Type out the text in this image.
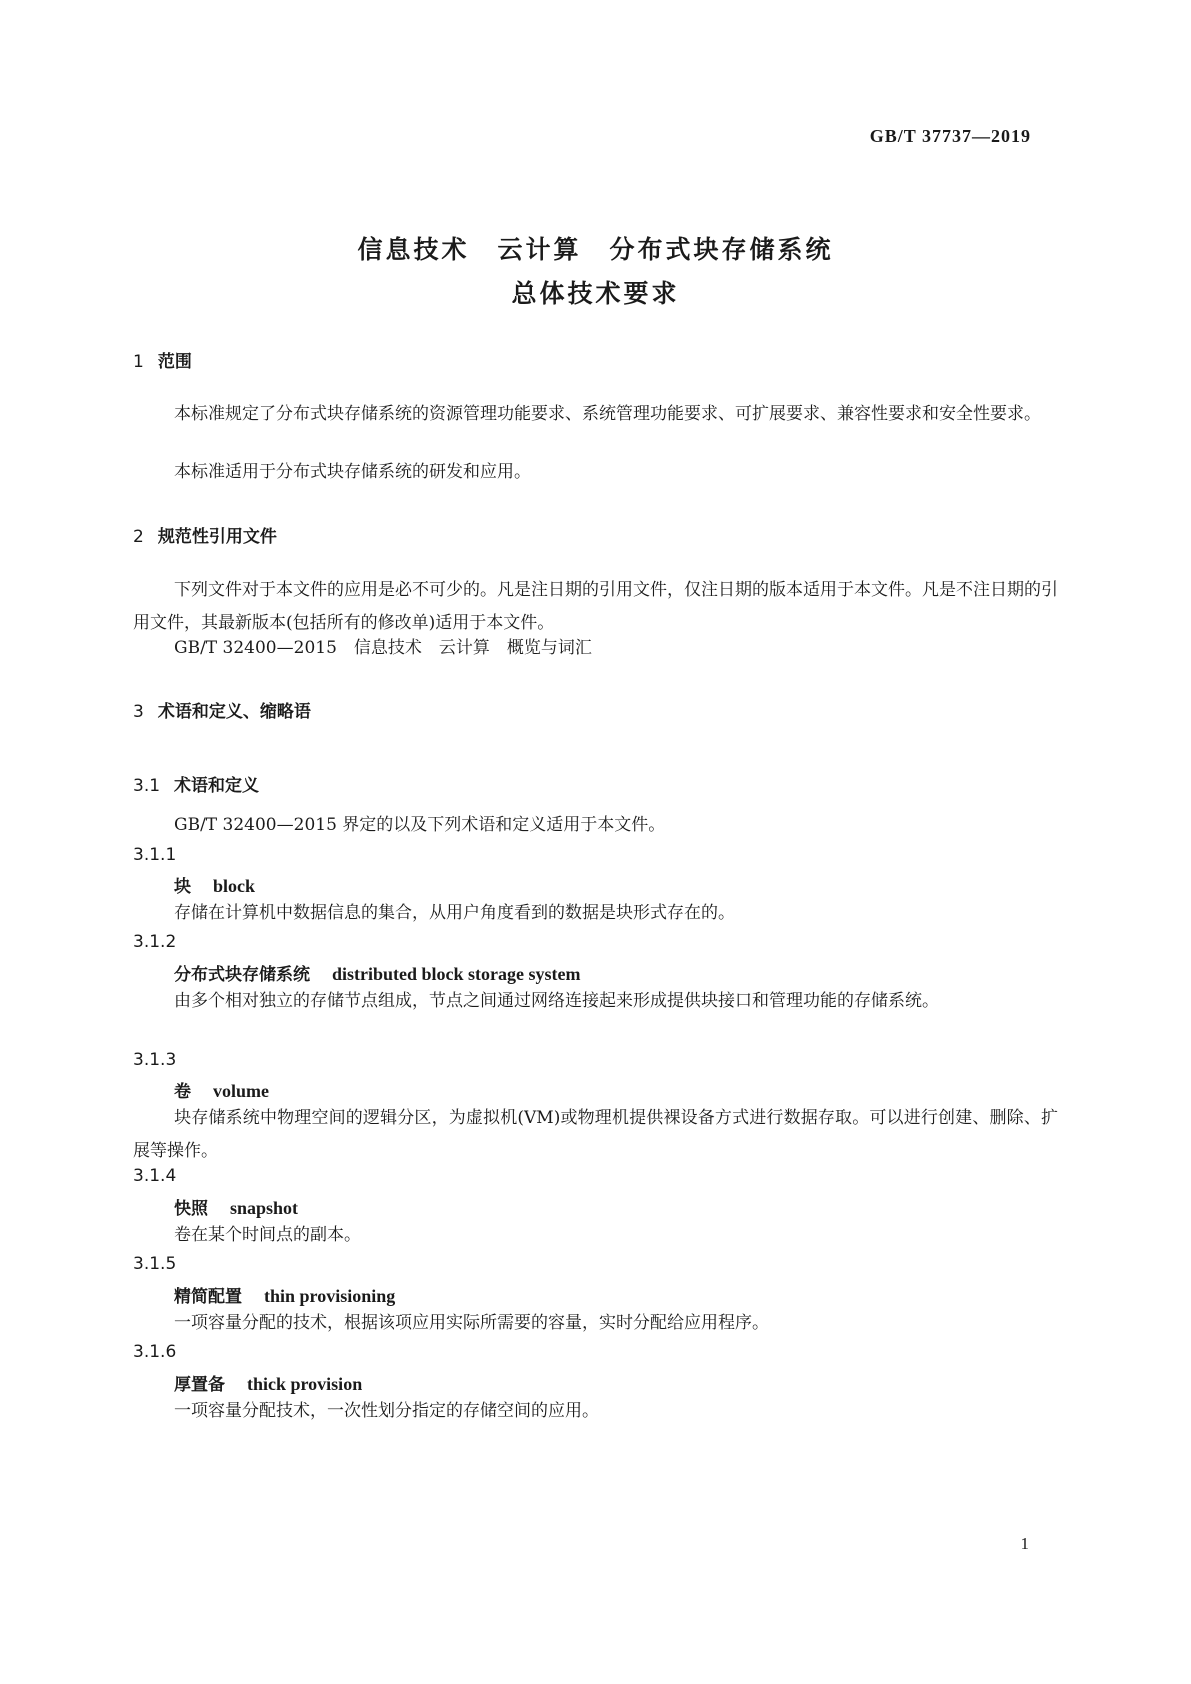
GB/T 37737—2019
信息技术　云计算　分布式块存储系统
总体技术要求
1 范围
本标准规定了分布式块存储系统的资源管理功能要求、系统管理功能要求、可扩展要求、兼容性要求和安全性要求。
本标准适用于分布式块存储系统的研发和应用。
2 规范性引用文件
下列文件对于本文件的应用是必不可少的。凡是注日期的引用文件，仅注日期的版本适用于本文件。凡是不注日期的引用文件，其最新版本(包括所有的修改单)适用于本文件。
GB/T 32400—2015　信息技术　云计算　概览与词汇
3 术语和定义、缩略语
3.1 术语和定义
GB/T 32400—2015 界定的以及下列术语和定义适用于本文件。
3.1.1
块 block
存储在计算机中数据信息的集合，从用户角度看到的数据是块形式存在的。
3.1.2
分布式块存储系统 distributed block storage system
由多个相对独立的存储节点组成，节点之间通过网络连接起来形成提供块接口和管理功能的存储系统。
3.1.3
卷 volume
块存储系统中物理空间的逻辑分区，为虚拟机(VM)或物理机提供裸设备方式进行数据存取。可以进行创建、删除、扩展等操作。
3.1.4
快照 snapshot
卷在某个时间点的副本。
3.1.5
精简配置 thin provisioning
一项容量分配的技术，根据该项应用实际所需要的容量，实时分配给应用程序。
3.1.6
厚置备 thick provision
一项容量分配技术，一次性划分指定的存储空间的应用。
1
